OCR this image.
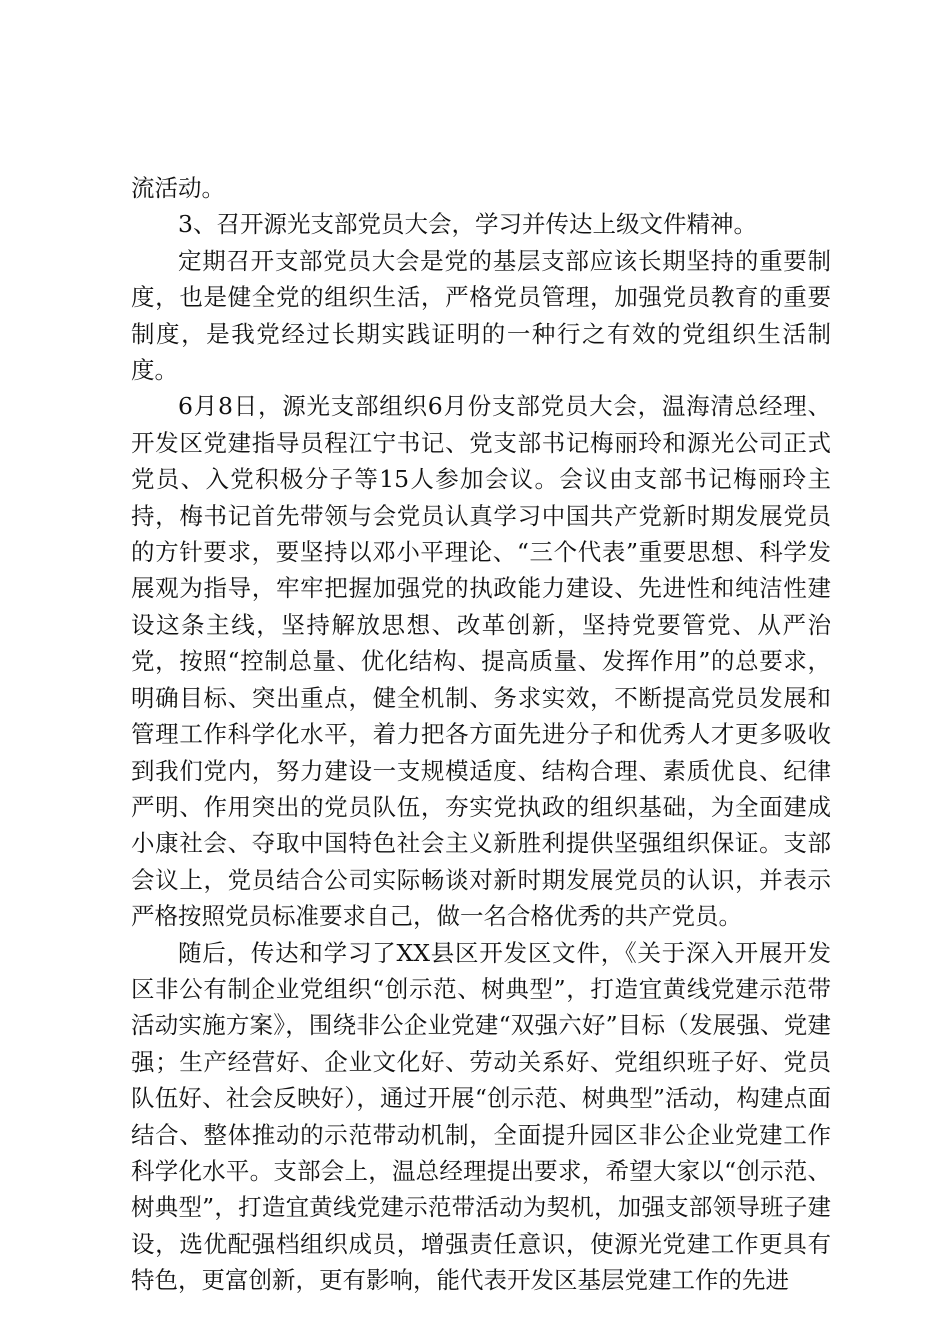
流活动。

3、召开源光支部党员大会，学习并传达上级文件精神。

定期召开支部党员大会是党的基层支部应该长期坚持的重要制度，也是健全党的组织生活，严格党员管理，加强党员教育的重要制度，是我党经过长期实践证明的一种行之有效的党组织生活制度。

6月8日，源光支部组织6月份支部党员大会，温海清总经理、开发区党建指导员程江宁书记、党支部书记梅丽玲和源光公司正式党员、入党积极分子等15人参加会议。会议由支部书记梅丽玲主持，梅书记首先带领与会党员认真学习中国共产党新时期发展党员的方针要求，要坚持以邓小平理论、“三个代表”重要思想、科学发展观为指导，牢牢把握加强党的执政能力建设、先进性和纯洁性建设这条主线，坚持解放思想、改革创新，坚持党要管党、从严治党，按照“控制总量、优化结构、提高质量、发挥作用”的总要求，明确目标、突出重点，健全机制、务求实效，不断提高党员发展和管理工作科学化水平，着力把各方面先进分子和优秀人才更多吸收到我们党内，努力建设一支规模适度、结构合理、素质优良、纪律严明、作用突出的党员队伍，夯实党执政的组织基础，为全面建成小康社会、夺取中国特色社会主义新胜利提供坚强组织保证。支部会议上，党员结合公司实际畅谈对新时期发展党员的认识，并表示严格按照党员标准要求自己，做一名合格优秀的共产党员。

随后，传达和学习了XX县区开发区文件，《关于深入开展开发区非公有制企业党组织“创示范、树典型”，打造宜黄线党建示范带活动实施方案》，围绕非公企业党建“双强六好”目标（发展强、党建强；生产经营好、企业文化好、劳动关系好、党组织班子好、党员队伍好、社会反映好），通过开展“创示范、树典型”活动，构建点面结合、整体推动的示范带动机制，全面提升园区非公企业党建工作科学化水平。支部会上，温总经理提出要求，希望大家以“创示范、树典型”，打造宜黄线党建示范带活动为契机，加强支部领导班子建设，选优配强档组织成员，增强责任意识，使源光党建工作更具有特色，更富创新，更有影响，能代表开发区基层党建工作的先进
